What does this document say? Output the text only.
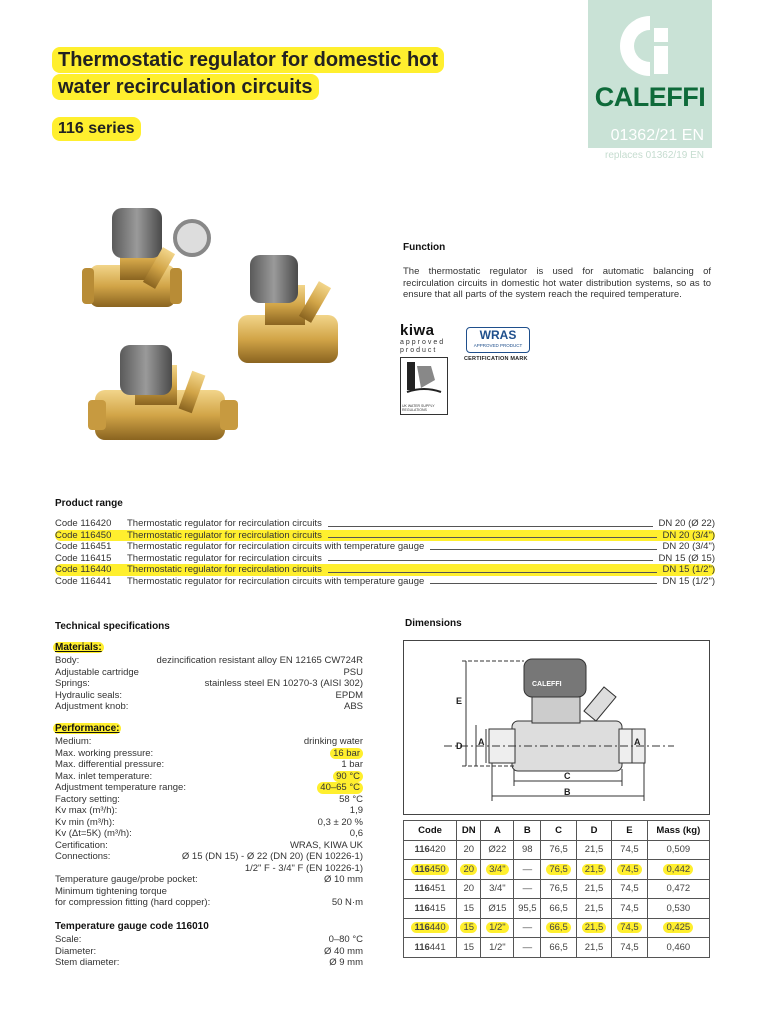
Thermostatic regulator for domestic hot
water recirculation circuits
116 series
CALEFFI
01362/21 EN
replaces 01362/19 EN
Function
The thermostatic regulator is used for automatic balancing of recirculation circuits in domestic hot water distribution systems, so as to ensure that all parts of the system reach the required temperature.
kiwa
approved
product
UK WATER SUPPLY REGULATIONS
WRAS
APPROVED PRODUCT
CERTIFICATION MARK
Product range
Code 116420	Thermostatic regulator for recirculation circuits	DN 20 (Ø 22)
Code 116450	Thermostatic regulator for recirculation circuits	DN 20 (3/4")
Code 116451	Thermostatic regulator for recirculation circuits with temperature gauge	DN 20 (3/4")
Code 116415	Thermostatic regulator for recirculation circuits	DN 15 (Ø 15)
Code 116440	Thermostatic regulator for recirculation circuits	DN 15 (1/2")
Code 116441	Thermostatic regulator for recirculation circuits with temperature gauge	DN 15 (1/2")
Technical specifications
Materials:
Body:	dezincification resistant alloy EN 12165 CW724R
Adjustable cartridge	PSU
Springs:	stainless steel EN 10270-3 (AISI 302)
Hydraulic seals:	EPDM
Adjustment knob:	ABS
Performance:
Medium:	drinking water
Max. working pressure:	16 bar
Max. differential pressure:	1 bar
Max. inlet temperature:	90 °C
Adjustment temperature range:	40–65 °C
Factory setting:	58 °C
Kv max (m³/h):	1,9
Kv min (m³/h):	0,3 ± 20 %
Kv (Δt=5K) (m³/h):	0,6
Certification:	WRAS, KIWA UK
Connections:	Ø 15 (DN 15) - Ø 22 (DN 20) (EN 10226-1)
1/2" F - 3/4" F (EN 10226-1)
Temperature gauge/probe pocket:	Ø 10 mm
Minimum tightening torque
for compression fitting (hard copper):	50 N·m
Temperature gauge code 116010
Scale:	0–80 °C
Diameter:	Ø 40 mm
Stem diameter:	Ø 9 mm
Dimensions
CALEFFI
E
D A	A
C
B
Code	DN	A	B	C	D	E	Mass (kg)
116420	20	Ø22	98	76,5	21,5	74,5	0,509
116450	20	3/4"	—	76,5	21,5	74,5	0,442
116451	20	3/4"	—	76,5	21,5	74,5	0,472
116415	15	Ø15	95,5	66,5	21,5	74,5	0,530
116440	15	1/2"	—	66,5	21,5	74,5	0,425
116441	15	1/2"	—	66,5	21,5	74,5	0,460
